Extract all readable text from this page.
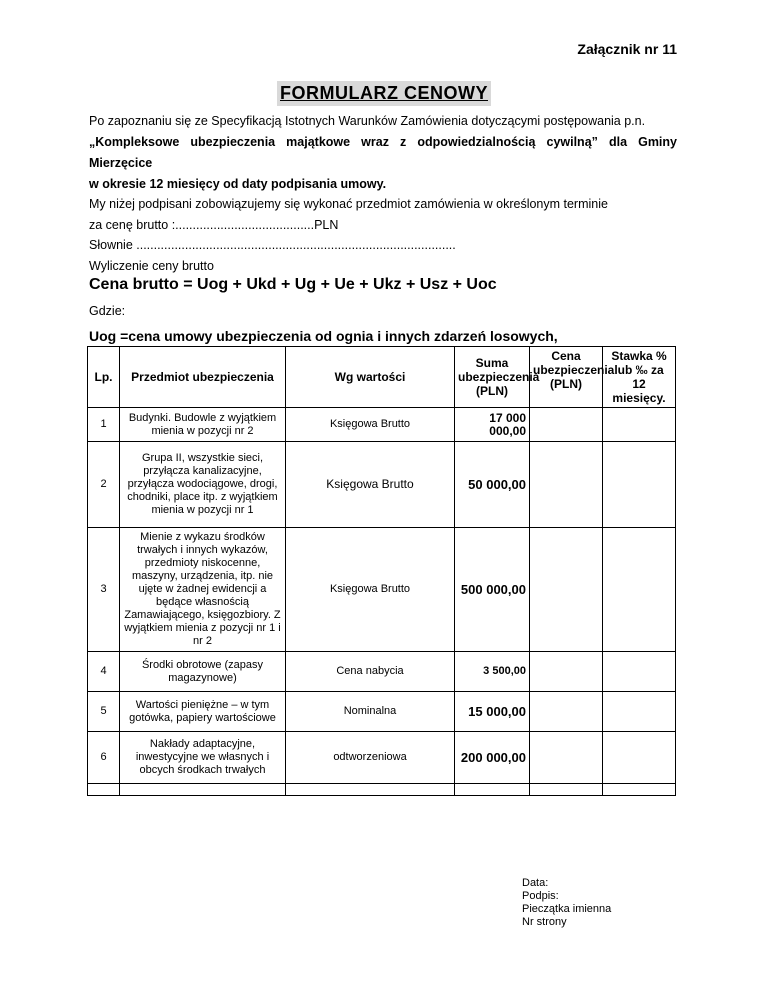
Załącznik nr 11
FORMULARZ CENOWY
Po zapoznaniu się ze Specyfikacją Istotnych Warunków Zamówienia dotyczącymi postępowania p.n.
„Kompleksowe ubezpieczenia majątkowe wraz z odpowiedzialnością cywilną” dla Gminy
Mierzęcice
w okresie 12 miesięcy od daty podpisania umowy.
My niżej podpisani zobowiązujemy się wykonać przedmiot zamówienia w określonym terminie
za cenę brutto :........................................PLN
Słownie ............................................................................................
Wyliczenie ceny brutto
Cena brutto = Uog + Ukd + Ug + Ue + Ukz + Usz + Uoc
Gdzie:
Uog =cena umowy ubezpieczenia od ognia i innych zdarzeń losowych,
Lp.	Przedmiot ubezpieczenia	Wg wartości	Suma ubezpieczenia (PLN)	Cena ubezpieczenia (PLN)	Stawka % lub ‰ za 12 miesięcy.
1	Budynki. Budowle z wyjątkiem mienia w pozycji nr 2	Księgowa Brutto	17 000 000,00		
2	Grupa II, wszystkie sieci, przyłącza kanalizacyjne, przyłącza wodociągowe, drogi, chodniki, place itp. z wyjątkiem mienia w pozycji nr 1	Księgowa Brutto	50 000,00		
3	Mienie z wykazu środków trwałych i innych wykazów, przedmioty niskocenne, maszyny, urządzenia, itp. nie ujęte w żadnej ewidencji a będące własnością Zamawiającego, księgozbiory. Z wyjątkiem mienia z pozycji nr 1 i nr 2	Księgowa Brutto	500 000,00		
4	Środki obrotowe (zapasy magazynowe)	Cena nabycia	3 500,00		
5	Wartości pieniężne – w tym gotówka, papiery wartościowe	Nominalna	15 000,00		
6	Nakłady adaptacyjne, inwestycyjne we własnych i obcych środkach trwałych	odtworzeniowa	200 000,00		

Data:
Podpis:
Pieczątka imienna
Nr strony
